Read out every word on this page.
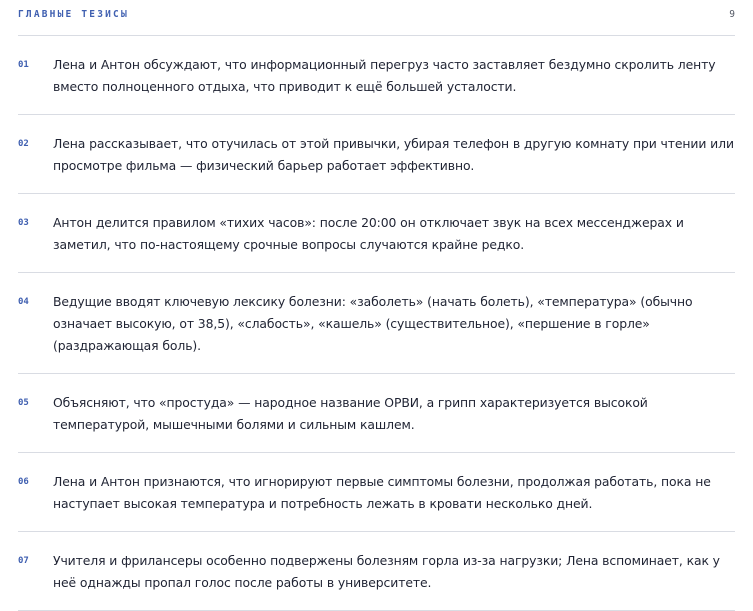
ГЛАВНЫЕ ТЕЗИСЫ	9
01 Лена и Антон обсуждают, что информационный перегруз часто заставляет бездумно скролить ленту вместо полноценного отдыха, что приводит к ещё большей усталости.
02 Лена рассказывает, что отучилась от этой привычки, убирая телефон в другую комнату при чтении или просмотре фильма — физический барьер работает эффективно.
03 Антон делится правилом «тихих часов»: после 20:00 он отключает звук на всех мессенджерах и заметил, что по-настоящему срочные вопросы случаются крайне редко.
04 Ведущие вводят ключевую лексику болезни: «заболеть» (начать болеть), «температура» (обычно означает высокую, от 38,5), «слабость», «кашель» (существительное), «першение в горле» (раздражающая боль).
05 Объясняют, что «простуда» — народное название ОРВИ, а грипп характеризуется высокой температурой, мышечными болями и сильным кашлем.
06 Лена и Антон признаются, что игнорируют первые симптомы болезни, продолжая работать, пока не наступает высокая температура и потребность лежать в кровати несколько дней.
07 Учителя и фрилансеры особенно подвержены болезням горла из-за нагрузки; Лена вспоминает, как у неё однажды пропал голос после работы в университете.
